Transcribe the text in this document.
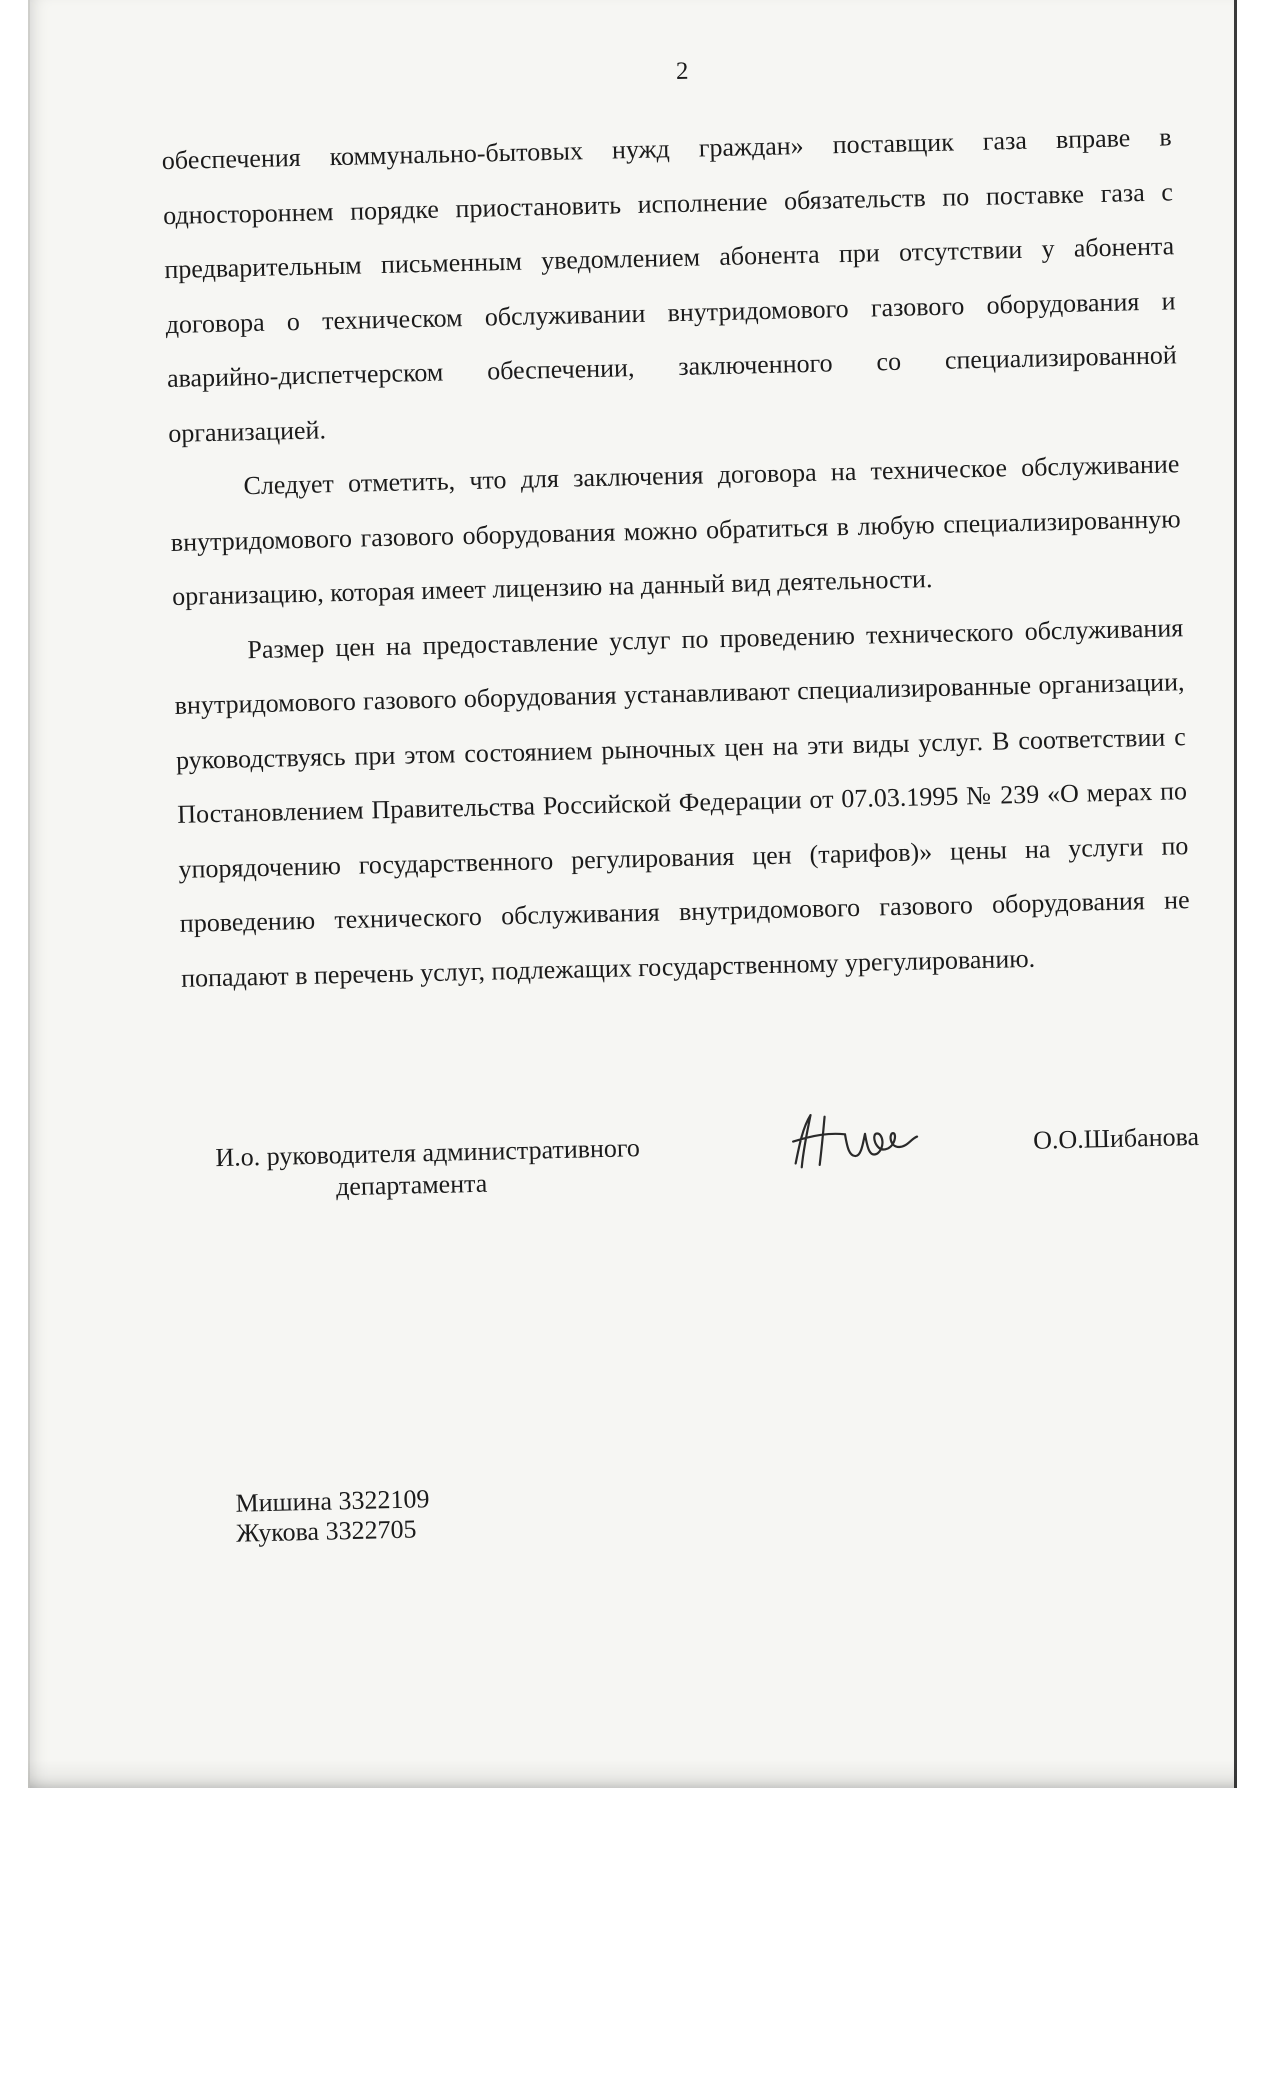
2

обеспечения коммунально-бытовых нужд граждан» поставщик газа вправе в одностороннем порядке приостановить исполнение обязательств по поставке газа с предварительным письменным уведомлением абонента при отсутствии у абонента договора о техническом обслуживании внутридомового газового оборудования и аварийно-диспетчерском обеспечении, заключенного со специализированной организацией.

Следует отметить, что для заключения договора на техническое обслуживание внутридомового газового оборудования можно обратиться в любую специализированную организацию, которая имеет лицензию на данный вид деятельности.

Размер цен на предоставление услуг по проведению технического обслуживания внутридомового газового оборудования устанавливают специализированные организации, руководствуясь при этом состоянием рыночных цен на эти виды услуг. В соответствии с Постановлением Правительства Российской Федерации от 07.03.1995 № 239 «О мерах по упорядочению государственного регулирования цен (тарифов)» цены на услуги по проведению технического обслуживания внутридомового газового оборудования не попадают в перечень услуг, подлежащих государственному урегулированию.

И.о. руководителя административного
департамента
О.О.Шибанова
Мишина 3322109
Жукова 3322705
